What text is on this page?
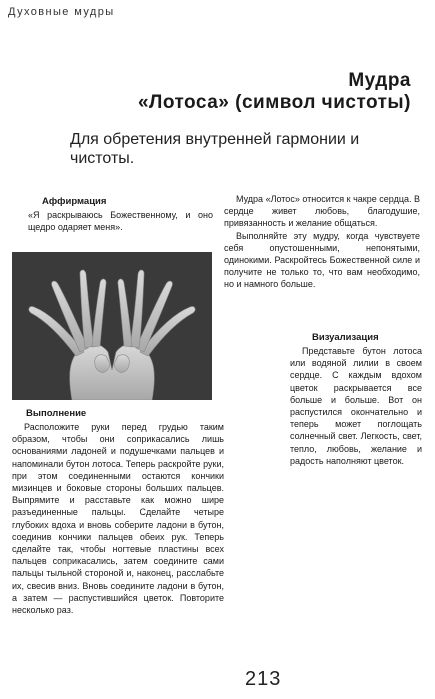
Духовные мудры
Мудра
«Лотоса» (символ чистоты)
Для обретения внутренней гармонии и чистоты.
Аффирмация

«Я раскрываюсь Божественному, и оно щедро одаряет меня».

Выполнение

Расположите руки перед грудью таким образом, чтобы они соприкасались лишь основаниями ладоней и подушечками пальцев и напоминали бутон лотоса. Теперь раскройте руки, при этом соединенными остаются кончики мизинцев и боковые стороны больших пальцев. Выпрямите и расставьте как можно шире разъединенные пальцы. Сделайте четыре глубоких вдоха и вновь соберите ладони в бутон, соединив кончики пальцев обеих рук. Теперь сделайте так, чтобы ногтевые пластины всех пальцев соприкасались, затем соедините сами пальцы тыльной стороной и, наконец, расслабьте их, свесив вниз. Вновь соедините ладони в бутон, а затем — распустившийся цветок. Повторите несколько раз.

Мудра «Лотос» относится к чакре сердца. В сердце живет любовь, благодушие, привязанность и желание общаться.

Выполняйте эту мудру, когда чувствуете себя опустошенными, непонятыми, одинокими. Раскройтесь Божественной силе и получите не только то, что вам необходимо, но и намного больше.

Визуализация

Представьте бутон лотоса или водяной лилии в своем сердце. С каждым вдохом цветок раскрывается все больше и больше. Вот он распустился окончательно и теперь может поглощать солнечный свет. Легкость, свет, тепло, любовь, желание и радость наполняют цветок.

213
